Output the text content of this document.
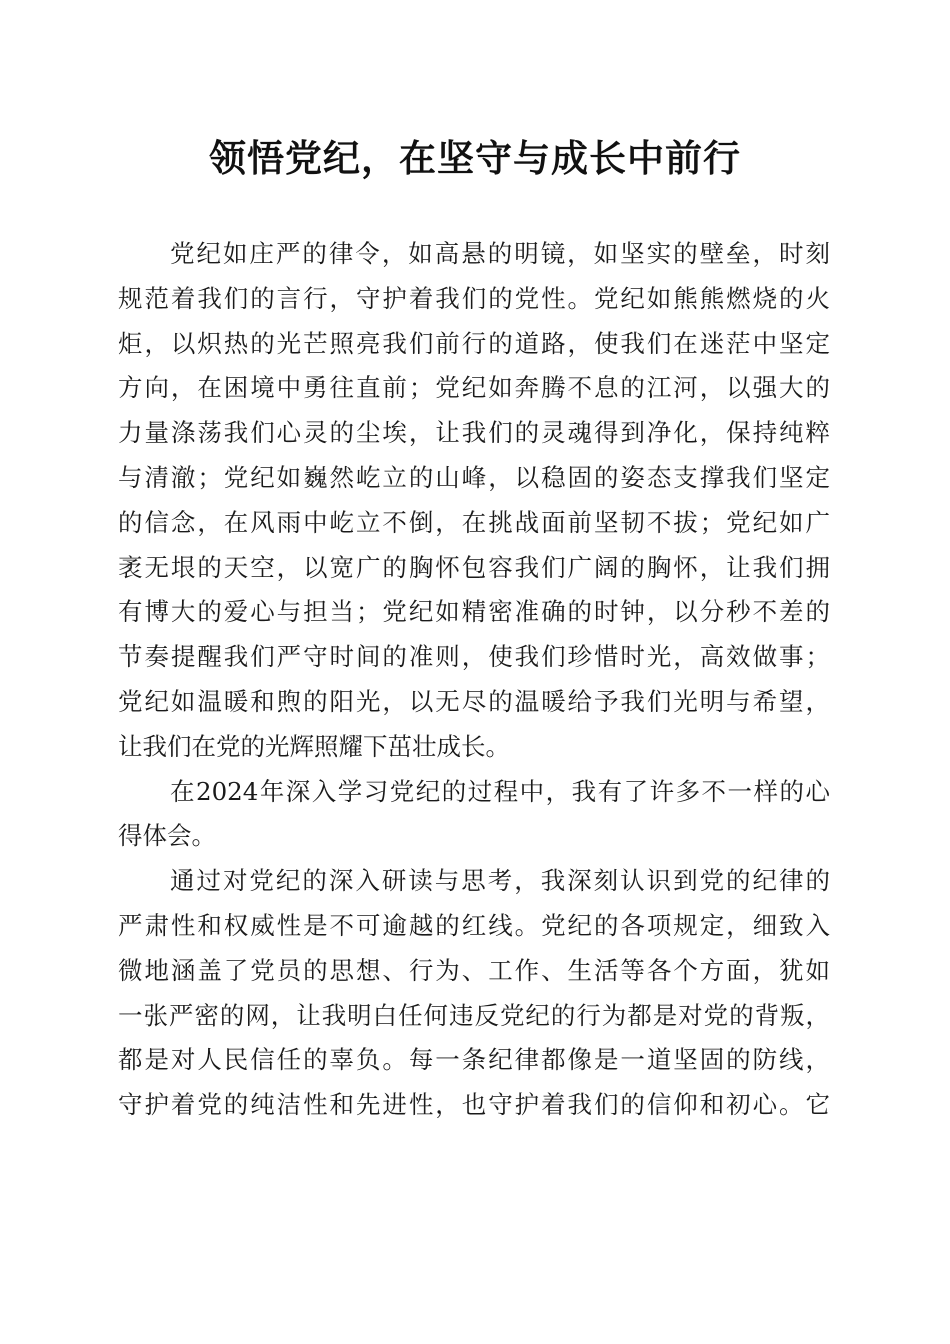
领悟党纪，在坚守与成长中前行
党纪如庄严的律令，如高悬的明镜，如坚实的壁垒，时刻
规范着我们的言行，守护着我们的党性。党纪如熊熊燃烧的火
炬，以炽热的光芒照亮我们前行的道路，使我们在迷茫中坚定
方向，在困境中勇往直前；党纪如奔腾不息的江河，以强大的
力量涤荡我们心灵的尘埃，让我们的灵魂得到净化，保持纯粹
与清澈；党纪如巍然屹立的山峰，以稳固的姿态支撑我们坚定
的信念，在风雨中屹立不倒，在挑战面前坚韧不拔；党纪如广
袤无垠的天空，以宽广的胸怀包容我们广阔的胸怀，让我们拥
有博大的爱心与担当；党纪如精密准确的时钟，以分秒不差的
节奏提醒我们严守时间的准则，使我们珍惜时光，高效做事；
党纪如温暖和煦的阳光，以无尽的温暖给予我们光明与希望，
让我们在党的光辉照耀下茁壮成长。
在2024年深入学习党纪的过程中，我有了许多不一样的心
得体会。
通过对党纪的深入研读与思考，我深刻认识到党的纪律的
严肃性和权威性是不可逾越的红线。党纪的各项规定，细致入
微地涵盖了党员的思想、行为、工作、生活等各个方面，犹如
一张严密的网，让我明白任何违反党纪的行为都是对党的背叛，
都是对人民信任的辜负。每一条纪律都像是一道坚固的防线，
守护着党的纯洁性和先进性，也守护着我们的信仰和初心。它
